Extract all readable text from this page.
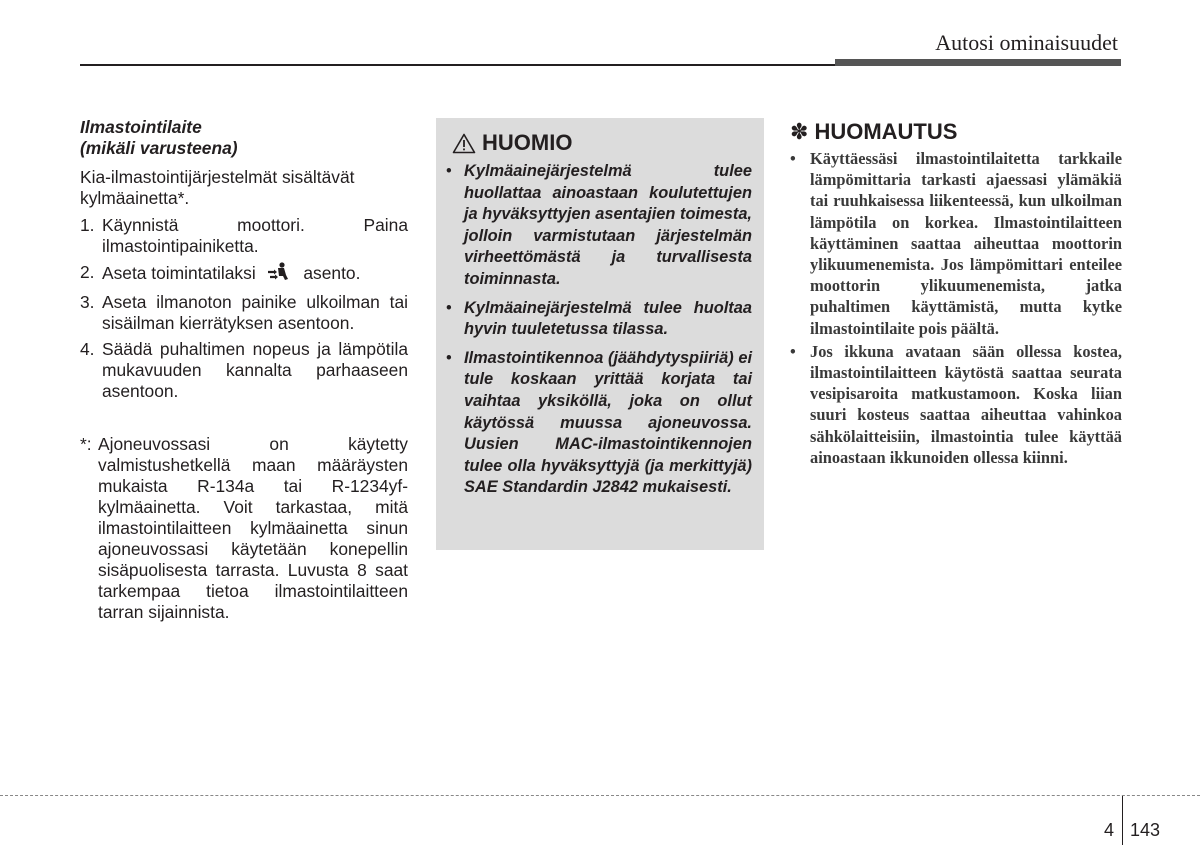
Autosi ominaisuudet
Ilmastointilaite
(mikäli varusteena)

Kia-ilmastointijärjestelmät sisältävät kylmäainetta*.

1. Käynnistä moottori. Paina ilmastointipainiketta.
2. Aseta toimintatilaksi	asento.
3. Aseta ilmanoton painike ulkoilman tai sisäilman kierrätyksen asentoon.
4. Säädä puhaltimen nopeus ja lämpötila mukavuuden kannalta parhaaseen asentoon.
*: Ajoneuvossasi on käytetty valmistushetkellä maan määräysten mukaista R-134a tai R-1234yf-kylmäainetta. Voit tarkastaa, mitä ilmastointilaitteen kylmäainetta sinun ajoneuvossasi käytetään konepellin sisäpuolisesta tarrasta. Luvusta 8 saat tarkempaa tietoa ilmastointilaitteen tarran sijainnista.
HUOMIO
• Kylmäainejärjestelmä tulee huollattaa ainoastaan koulutettujen ja hyväksyttyjen asentajien toimesta, jolloin varmistutaan järjestelmän virheettömästä ja turvallisesta toiminnasta.
• Kylmäainejärjestelmä tulee huoltaa hyvin tuuletetussa tilassa.
• Ilmastointikennoa (jäähdytyspiiriä) ei tule koskaan yrittää korjata tai vaihtaa yksiköllä, joka on ollut käytössä muussa ajoneuvossa. Uusien MAC-ilmastointikennojen tulee olla hyväksyttyjä (ja merkittyjä) SAE Standardin J2842 mukaisesti.
✽ HUOMAUTUS
• Käyttäessäsi ilmastointilaitetta tarkkaile lämpömittaria tarkasti ajaessasi ylämäkiä tai ruuhkaisessa liikenteessä, kun ulkoilman lämpötila on korkea. Ilmastointilaitteen käyttäminen saattaa aiheuttaa moottorin ylikuumenemista. Jos lämpömittari enteilee moottorin ylikuumenemista, jatka puhaltimen käyttämistä, mutta kytke ilmastointilaite pois päältä.
• Jos ikkuna avataan sään ollessa kostea, ilmastointilaitteen käytöstä saattaa seurata vesipisaroita matkustamoon. Koska liian suuri kosteus saattaa aiheuttaa vahinkoa sähkölaitteisiin, ilmastointia tulee käyttää ainoastaan ikkunoiden ollessa kiinni.
4 143
